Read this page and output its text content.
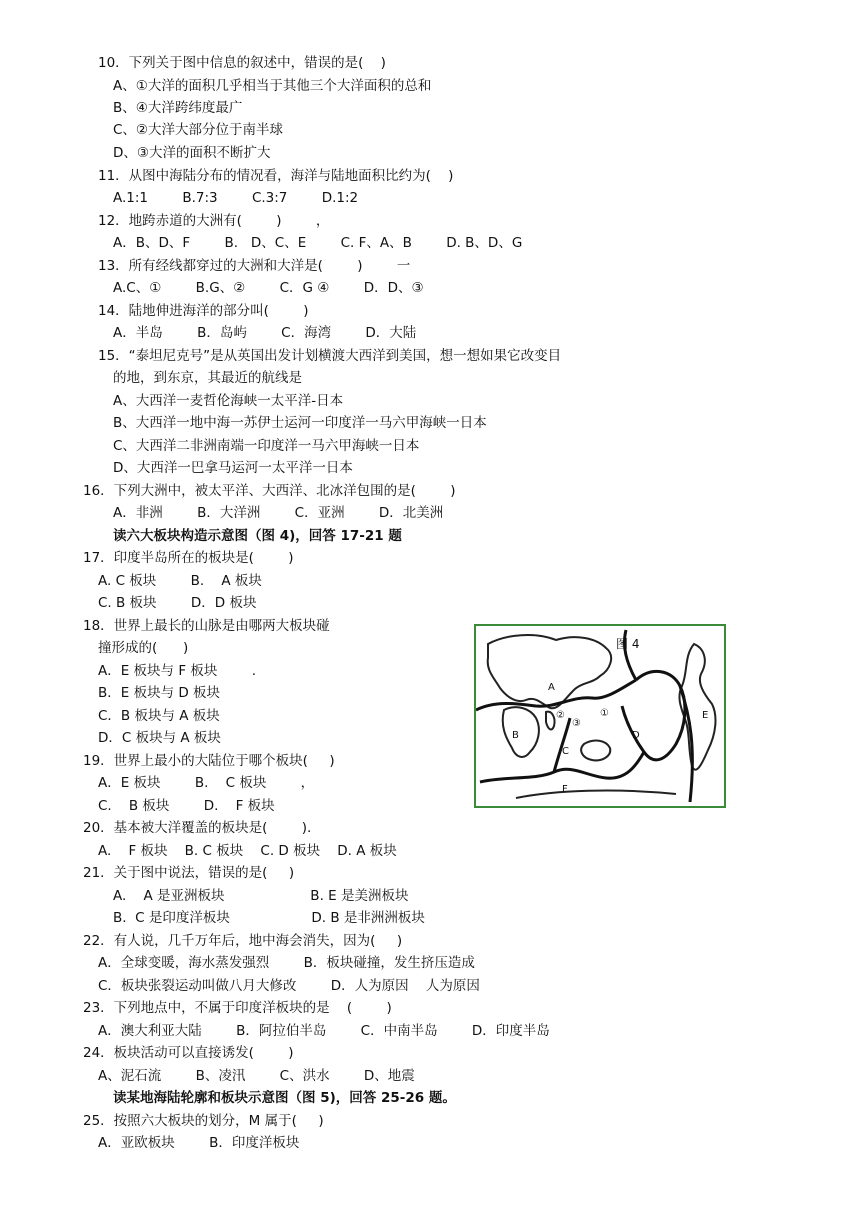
10．下列关于图中信息的叙述中，错误的是(    )
A、①大洋的面积几乎相当于其他三个大洋面积的总和
B、④大洋跨纬度最广
C、②大洋大部分位于南半球
D、③大洋的面积不断扩大
11．从图中海陆分布的情况看，海洋与陆地面积比约为(    )
A.1:1        B.7:3        C.3:7        D.1:2
12．地跨赤道的大洲有(        )        ，
A．B、D、F        B.   D、C、E        C. F、A、B        D. B、D、G
13．所有经线都穿过的大洲和大洋是(        )        一
A.C、①        B.G、②        C．G ④        D．D、③
14．陆地伸进海洋的部分叫(        )
A．半岛        B．岛屿        C．海湾        D．大陆
15．“泰坦尼克号”是从英国出发计划横渡大西洋到美国，想一想如果它改变目
的地，到东京，其最近的航线是
A、大西洋一麦哲伦海峡一太平洋-日本
B、大西洋一地中海一苏伊士运河一印度洋一马六甲海峡一日本
C、大西洋二非洲南端一印度洋一马六甲海峡一日本
D、大西洋一巴拿马运河一太平洋一日本
16．下列大洲中，被太平洋、大西洋、北冰洋包围的是(        )
A．非洲        B．大洋洲        C．亚洲        D．北美洲
读六大板块构造示意图（图 4)，回答 17-21 题
17．印度半岛所在的板块是(        )
A. C 板块        B.    A 板块
C. B 板块        D．D 板块
18．世界上最长的山脉是由哪两大板块碰
撞形成的(      )
A．E 板块与 F 板块        .
B．E 板块与 D 板块
C．B 板块与 A 板块
D．C 板块与 A 板块
19．世界上最小的大陆位于哪个板块(     )
A．E 板块        B.    C 板块        ，
C.    B 板块        D.    F 板块
20．基本被大洋覆盖的板块是(        ).
A.    F 板块    B. C 板块    C. D 板块    D. A 板块
21．关于图中说法，错误的是(     )
A.    A 是亚洲板块                    B. E 是美洲板块
B.  C 是印度洋板块                   D. B 是非洲洲板块
22．有人说，几千万年后，地中海会消失，因为(     )
A．全球变暖，海水蒸发强烈        B．板块碰撞，发生挤压造成
C．板块张裂运动叫做八月大修改        D．人为原因    人为原因
23．下列地点中，不属于印度洋板块的是    (        )
A．澳大利亚大陆        B．阿拉伯半岛        C．中南半岛        D．印度半岛
24．板块活动可以直接诱发(        )
A、泥石流        B、凌汛        C、洪水        D、地震
读某地海陆轮廓和板块示意图（图 5)，回答 25-26 题。
25．按照六大板块的划分，M 属于(     )
A．亚欧板块        B．印度洋板块
图 4
A
B
C
D
E
F
①
②
③
